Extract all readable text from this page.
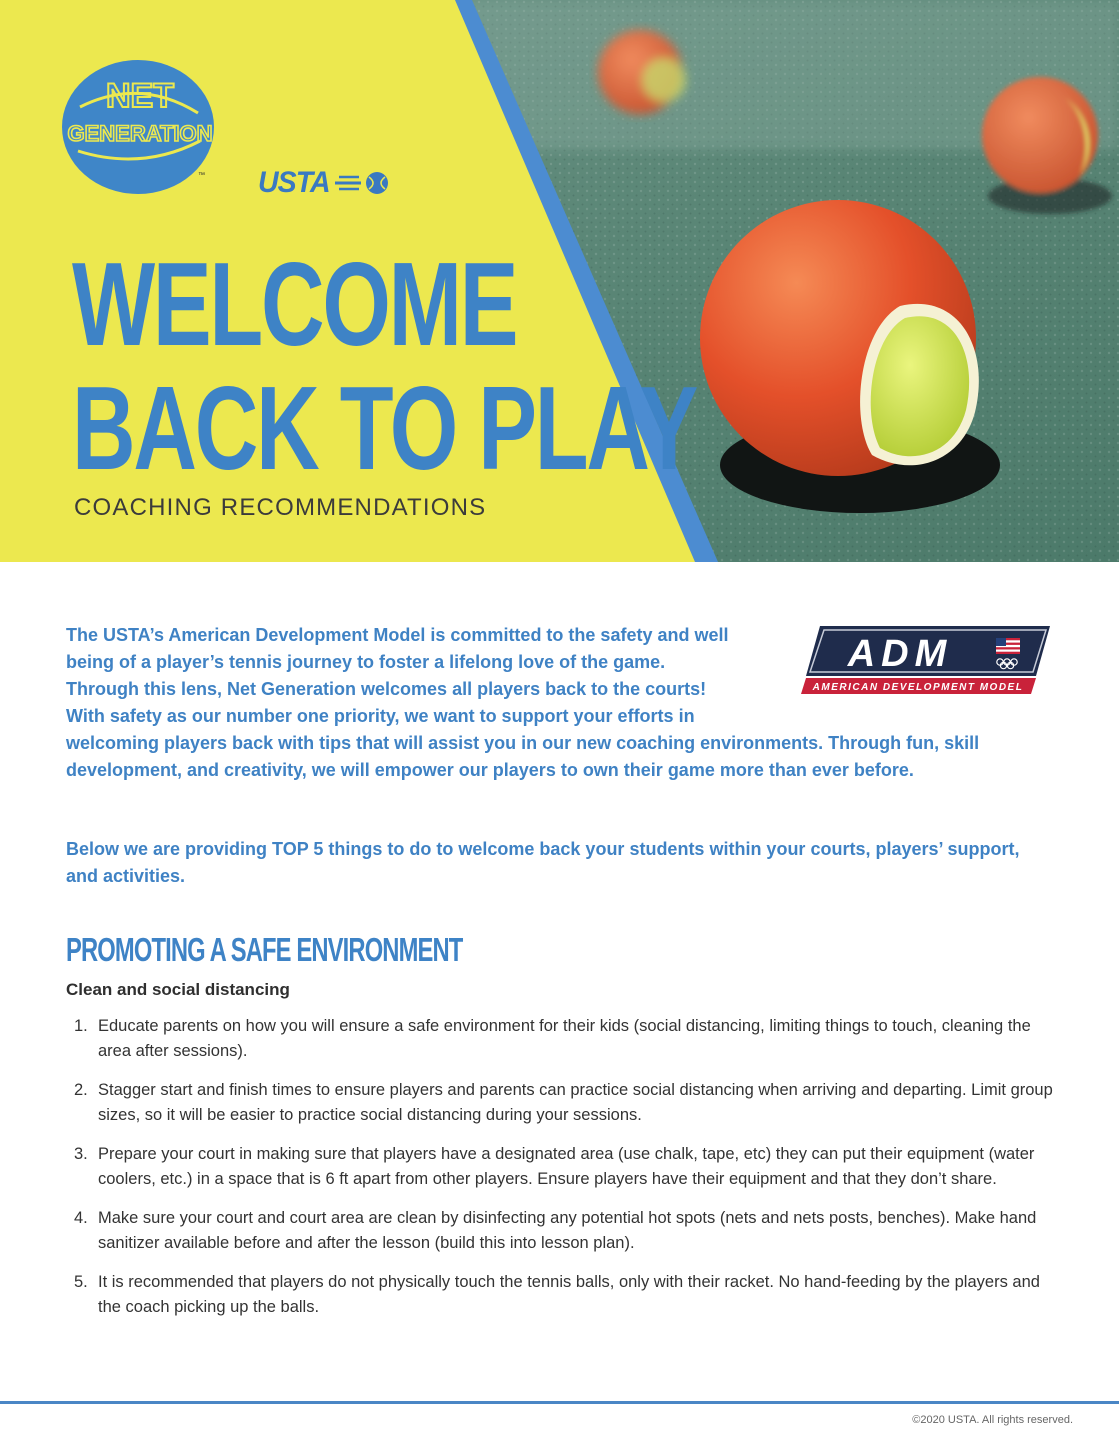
NET
GENERATION
™ USTA
WELCOME
BACK TO PLAY
COACHING RECOMMENDATIONS
ADM
AMERICAN DEVELOPMENT MODEL

The USTA’s American Development Model is committed to the safety and well being of a player’s tennis journey to foster a lifelong love of the game. Through this lens, Net Generation welcomes all players back to the courts! With safety as our number one priority, we want to support your efforts in welcoming players back with tips that will assist you in our new coaching environments. Through fun, skill development, and creativity, we will empower our players to own their game more than ever before.

Below we are providing TOP 5 things to do to welcome back your students within your courts, players’ support, and activities.

PROMOTING A SAFE ENVIRONMENT
Clean and social distancing
1. Educate parents on how you will ensure a safe environment for their kids (social distancing, limiting things to touch, cleaning the area after sessions).
2. Stagger start and finish times to ensure players and parents can practice social distancing when arriving and departing. Limit group sizes, so it will be easier to practice social distancing during your sessions.
3. Prepare your court in making sure that players have a designated area (use chalk, tape, etc) they can put their equipment (water coolers, etc.) in a space that is 6 ft apart from other players. Ensure players have their equipment and that they don’t share.
4. Make sure your court and court area are clean by disinfecting any potential hot spots (nets and nets posts, benches). Make hand sanitizer available before and after the lesson (build this into lesson plan).
5. It is recommended that players do not physically touch the tennis balls, only with their racket. No hand-feeding by the players and the coach picking up the balls.
©2020 USTA. All rights reserved.
